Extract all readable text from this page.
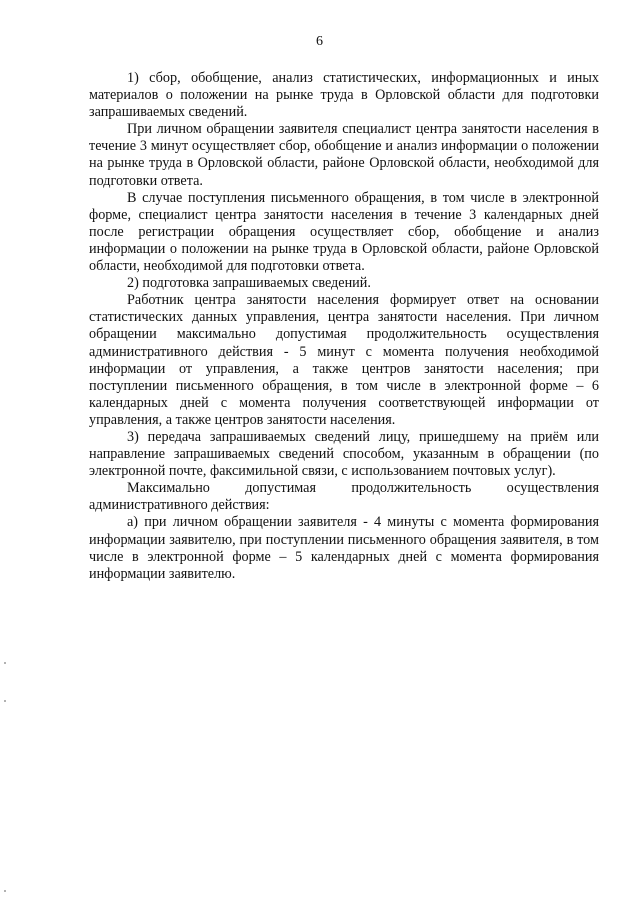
6

1) сбор, обобщение, анализ статистических, информационных и иных материалов о положении на рынке труда в Орловской области для подготовки запрашиваемых сведений.

При личном обращении заявителя специалист центра занятости населения в течение 3 минут осуществляет сбор, обобщение и анализ информации о положении на рынке труда в Орловской области, районе Орловской области, необходимой для подготовки ответа.

В случае поступления письменного обращения, в том числе в электронной форме, специалист центра занятости населения в течение 3 календарных дней после регистрации обращения осуществляет сбор, обобщение и анализ информации о положении на рынке труда в Орловской области, районе Орловской области, необходимой для подготовки ответа.

2) подготовка запрашиваемых сведений.

Работник центра занятости населения формирует ответ на основании статистических данных управления, центра занятости населения. При личном обращении максимально допустимая продолжительность осуществления административного действия - 5 минут с момента получения необходимой информации от управления, а также центров занятости населения; при поступлении письменного обращения, в том числе в электронной форме – 6 календарных дней с момента получения соответствующей информации от управления, а также центров занятости населения.

3) передача запрашиваемых сведений лицу, пришедшему на приём или направление запрашиваемых сведений способом, указанным в обращении (по электронной почте, факсимильной связи, с использованием почтовых услуг).

Максимально допустимая продолжительность осуществления административного действия:

а) при личном обращении заявителя - 4 минуты с момента формирования информации заявителю, при поступлении письменного обращения заявителя, в том числе в электронной форме – 5 календарных дней с момента формирования информации заявителю.
